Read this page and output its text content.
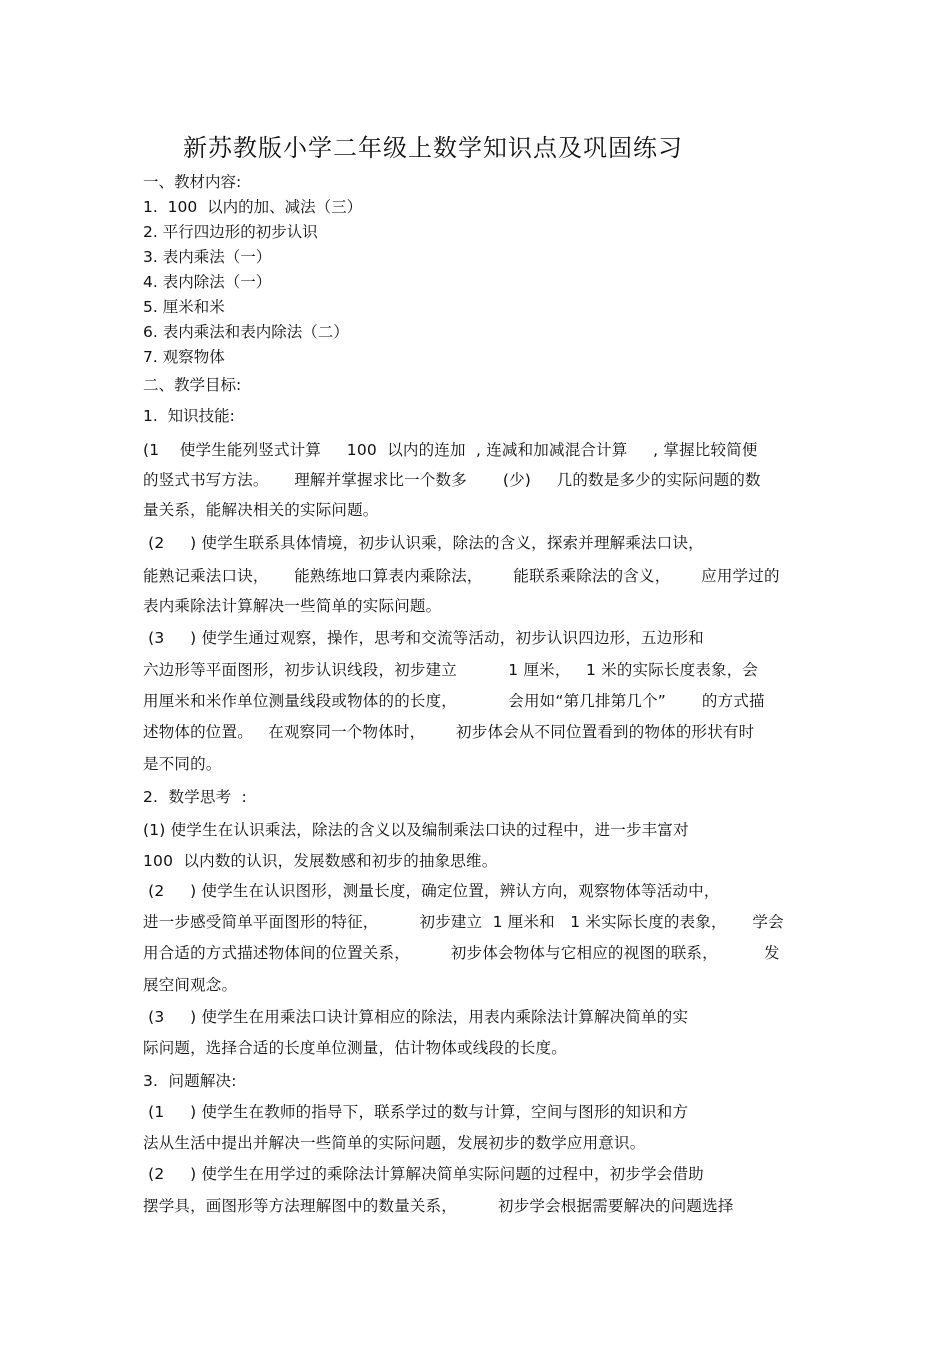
新苏教版小学二年级上数学知识点及巩固练习
一、教材内容:
1.  100  以内的加、减法（三）
2. 平行四边形的初步认识
3. 表内乘法（一）
4. 表内除法（一）
5. 厘米和米
6. 表内乘法和表内除法（二）
7. 观察物体
二、教学目标:
1.  知识技能:
(1    使学生能列竖式计算     100  以内的连加  , 连减和加减混合计算     , 掌握比较简便
的竖式书写方法。     理解并掌握求比一个数多       (少)     几的数是多少的实际问题的数
量关系，能解决相关的实际问题。
(2     ) 使学生联系具体情境，初步认识乘，除法的含义，探索并理解乘法口诀，
能熟记乘法口诀，     能熟练地口算表内乘除法，      能联系乘除法的含义，      应用学过的
表内乘除法计算解决一些简单的实际问题。
(3     ) 使学生通过观察，操作，思考和交流等活动，初步认识四边形，五边形和
六边形等平面图形，初步认识线段，初步建立          1 厘米，   1 米的实际长度表象，会
用厘米和米作单位测量线段或物体的的长度，          会用如“第几排第几个”       的方式描
述物体的位置。   在观察同一个物体时，      初步体会从不同位置看到的物体的形状有时
是不同的。
2.  数学思考  :
(1) 使学生在认识乘法，除法的含义以及编制乘法口诀的过程中，进一步丰富对
100  以内数的认识，发展数感和初步的抽象思维。
(2     ) 使学生在认识图形，测量长度，确定位置，辨认方向，观察物体等活动中，
进一步感受简单平面图形的特征，        初步建立  1 厘米和   1 米实际长度的表象，     学会
用合适的方式描述物体间的位置关系，        初步体会物体与它相应的视图的联系，         发
展空间观念。
(3     ) 使学生在用乘法口诀计算相应的除法，用表内乘除法计算解决简单的实
际问题，选择合适的长度单位测量，估计物体或线段的长度。
3.  问题解决:
(1     ) 使学生在教师的指导下，联系学过的数与计算，空间与图形的知识和方
法从生活中提出并解决一些简单的实际问题，发展初步的数学应用意识。
(2     ) 使学生在用学过的乘除法计算解决简单实际问题的过程中，初步学会借助
摆学具，画图形等方法理解图中的数量关系，        初步学会根据需要解决的问题选择
